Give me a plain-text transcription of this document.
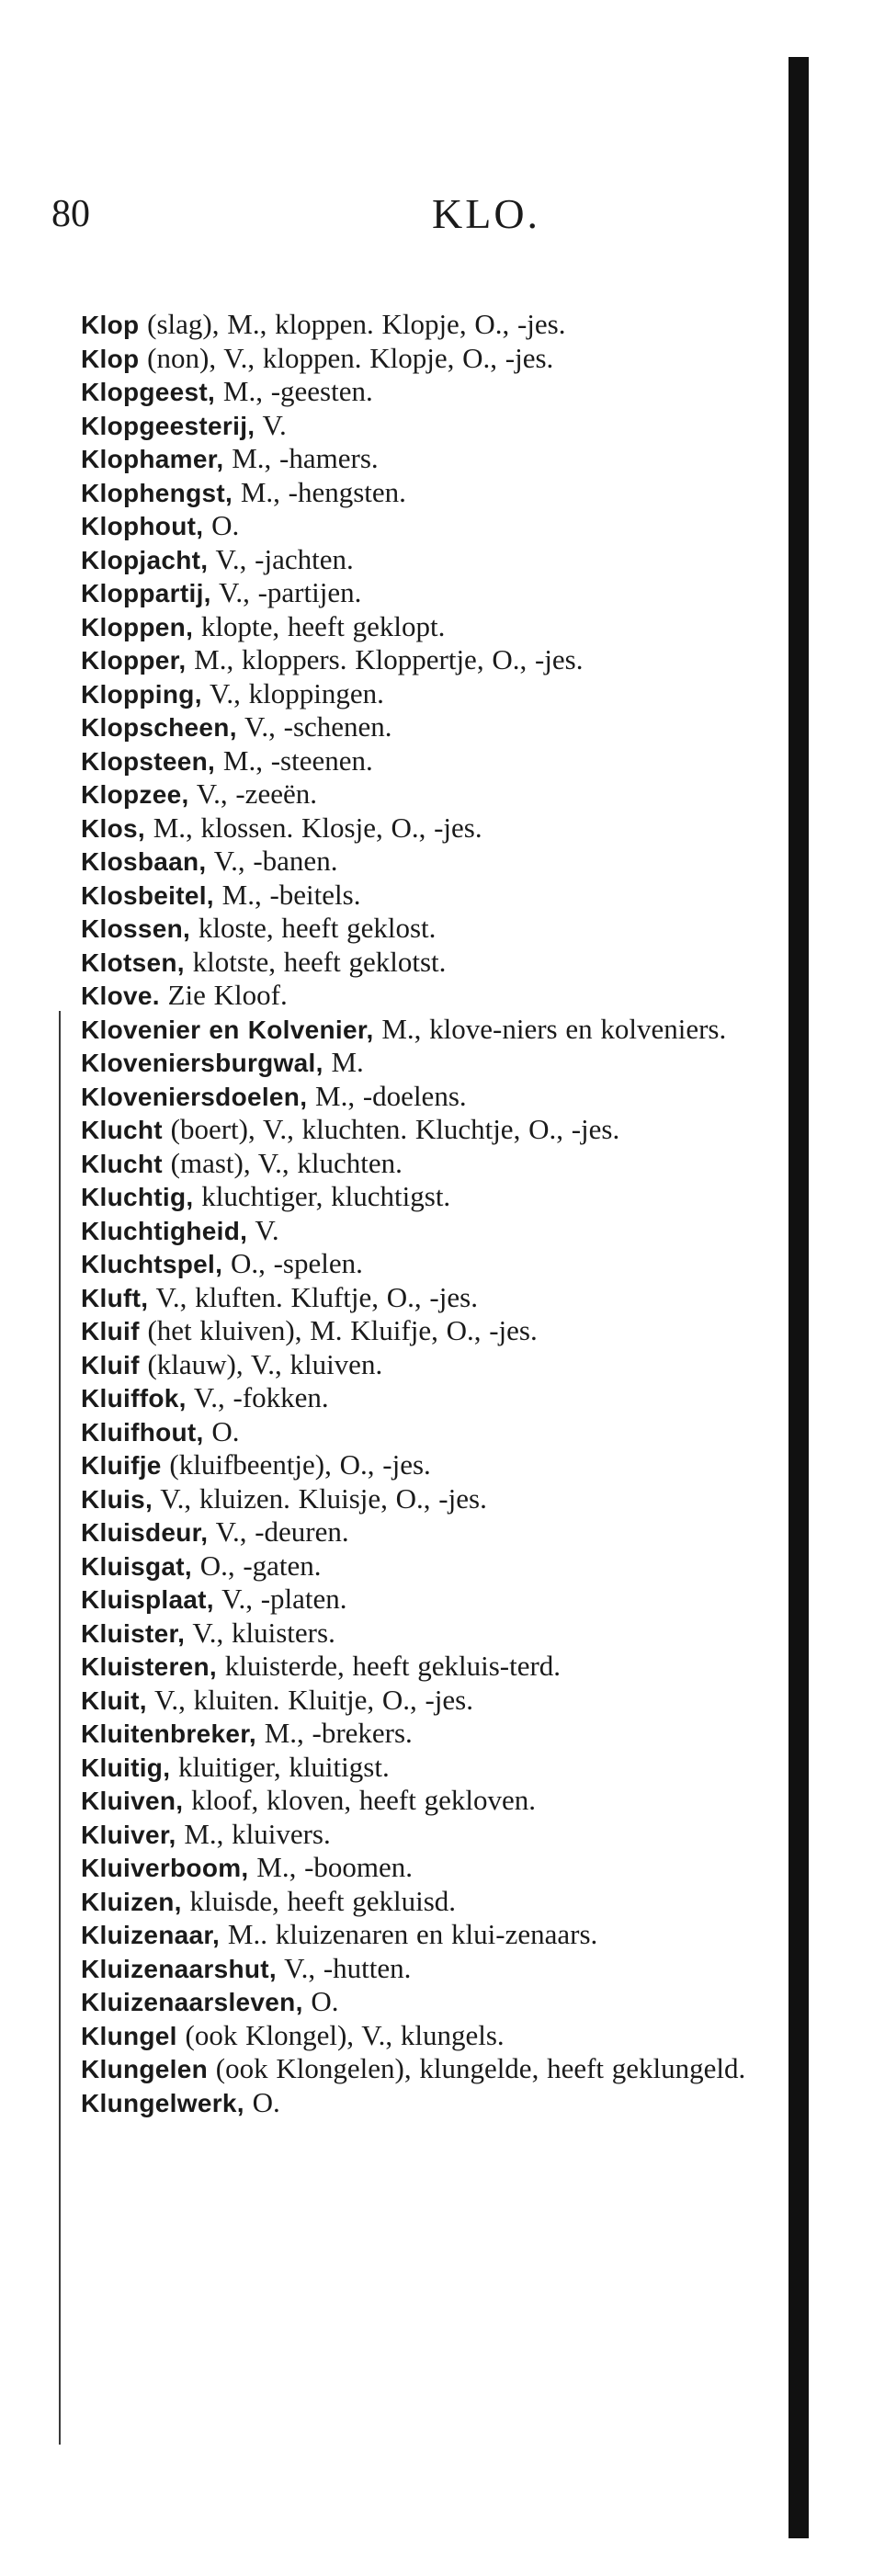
80	KLO.
Klop (slag), M., kloppen. Klopje, O., -jes.
Klop (non), V., kloppen. Klopje, O., -jes.
Klopgeest, M., -geesten.
Klopgeesterij, V.
Klophamer, M., -hamers.
Klophengst, M., -hengsten.
Klophout, O.
Klopjacht, V., -jachten.
Kloppartij, V., -partijen.
Kloppen, klopte, heeft geklopt.
Klopper, M., kloppers. Kloppertje, O., -jes.
Klopping, V., kloppingen.
Klopscheen, V., -schenen.
Klopsteen, M., -steenen.
Klopzee, V., -zeeën.
Klos, M., klossen. Klosje, O., -jes.
Klosbaan, V., -banen.
Klosbeitel, M., -beitels.
Klossen, kloste, heeft geklost.
Klotsen, klotste, heeft geklotst.
Klove. Zie Kloof.
Klovenier en Kolvenier, M., klove-niers en kolveniers.
Kloveniersburgwal, M.
Kloveniersdoelen, M., -doelens.
Klucht (boert), V., kluchten. Kluchtje, O., -jes.
Klucht (mast), V., kluchten.
Kluchtig, kluchtiger, kluchtigst.
Kluchtigheid, V.
Kluchtspel, O., -spelen.
Kluft, V., kluften. Kluftje, O., -jes.
Kluif (het kluiven), M. Kluifje, O., -jes.
Kluif (klauw), V., kluiven.
Kluiffok, V., -fokken.
Kluifhout, O.
Kluifje (kluifbeentje), O., -jes.
Kluis, V., kluizen. Kluisje, O., -jes.
Kluisdeur, V., -deuren.
Kluisgat, O., -gaten.
Kluisplaat, V., -platen.
Kluister, V., kluisters.
Kluisteren, kluisterde, heeft gekluis-terd.
Kluit, V., kluiten. Kluitje, O., -jes.
Kluitenbreker, M., -brekers.
Kluitig, kluitiger, kluitigst.
Kluiven, kloof, kloven, heeft gekloven.
Kluiver, M., kluivers.
Kluiverboom, M., -boomen.
Kluizen, kluisde, heeft gekluisd.
Kluizenaar, M.. kluizenaren en klui-zenaars.
Kluizenaarshut, V., -hutten.
Kluizenaarsleven, O.
Klungel (ook Klongel), V., klungels.
Klungelen (ook Klongelen), klungelde, heeft geklungeld.
Klungelwerk, O.
